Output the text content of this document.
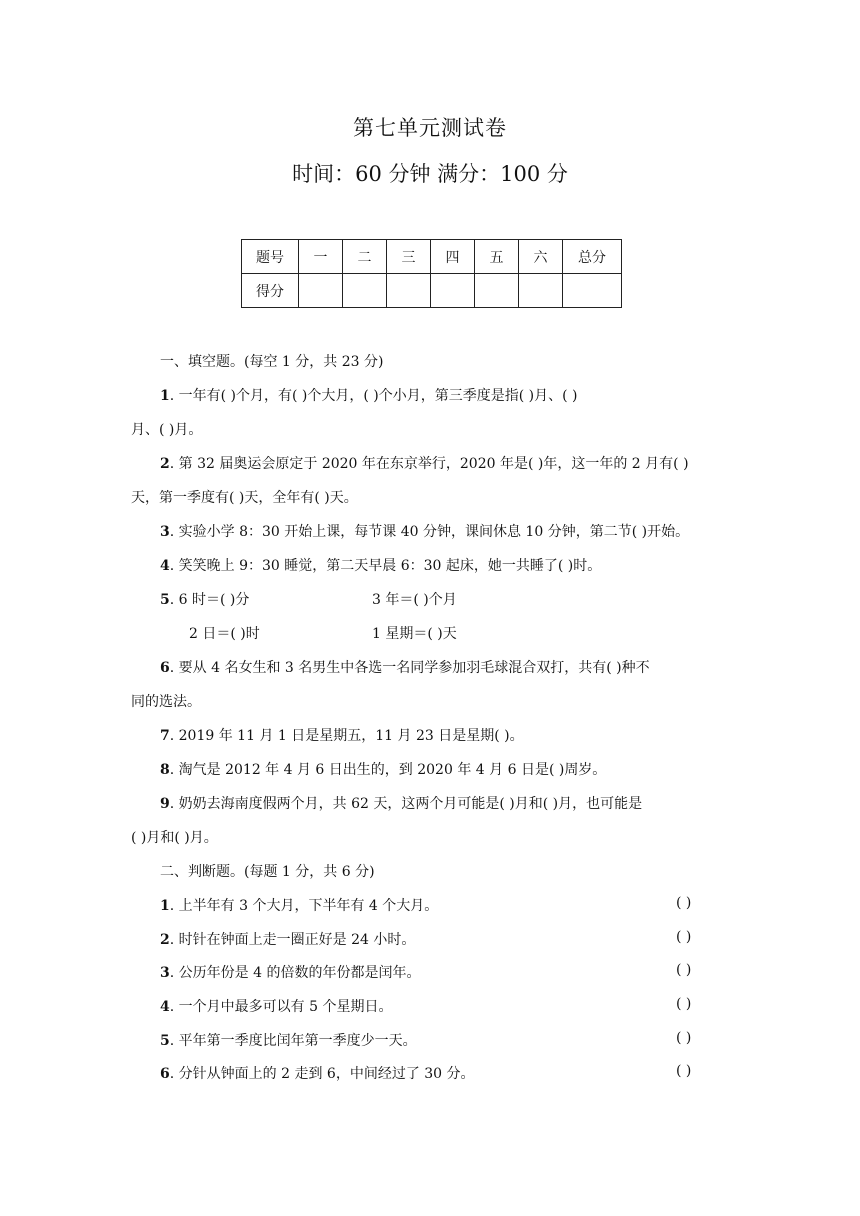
第七单元测试卷
时间：60 分钟 满分：100 分
题号	一	二	三	四	五	六	总分
得分							
一、填空题。(每空 1 分，共 23 分)
1. 一年有( )个月，有( )个大月，( )个小月，第三季度是指( )月、( )
月、( )月。
2. 第 32 届奥运会原定于 2020 年在东京举行，2020 年是( )年，这一年的 2 月有( )
天，第一季度有( )天，全年有( )天。
3. 实验小学 8：30 开始上课，每节课 40 分钟，课间休息 10 分钟，第二节( )开始。
4. 笑笑晚上 9：30 睡觉，第二天早晨 6：30 起床，她一共睡了( )时。
5. 6 时＝( )分	3 年＝( )个月
2 日＝( )时	1 星期＝( )天
6. 要从 4 名女生和 3 名男生中各选一名同学参加羽毛球混合双打，共有( )种不
同的选法。
7. 2019 年 11 月 1 日是星期五，11 月 23 日是星期( )。
8. 淘气是 2012 年 4 月 6 日出生的，到 2020 年 4 月 6 日是( )周岁。
9. 奶奶去海南度假两个月，共 62 天，这两个月可能是( )月和( )月，也可能是
( )月和( )月。
二、判断题。(每题 1 分，共 6 分)
1. 上半年有 3 个大月，下半年有 4 个大月。	( )
2. 时针在钟面上走一圈正好是 24 小时。	( )
3. 公历年份是 4 的倍数的年份都是闰年。	( )
4. 一个月中最多可以有 5 个星期日。	( )
5. 平年第一季度比闰年第一季度少一天。	( )
6. 分针从钟面上的 2 走到 6，中间经过了 30 分。	( )
